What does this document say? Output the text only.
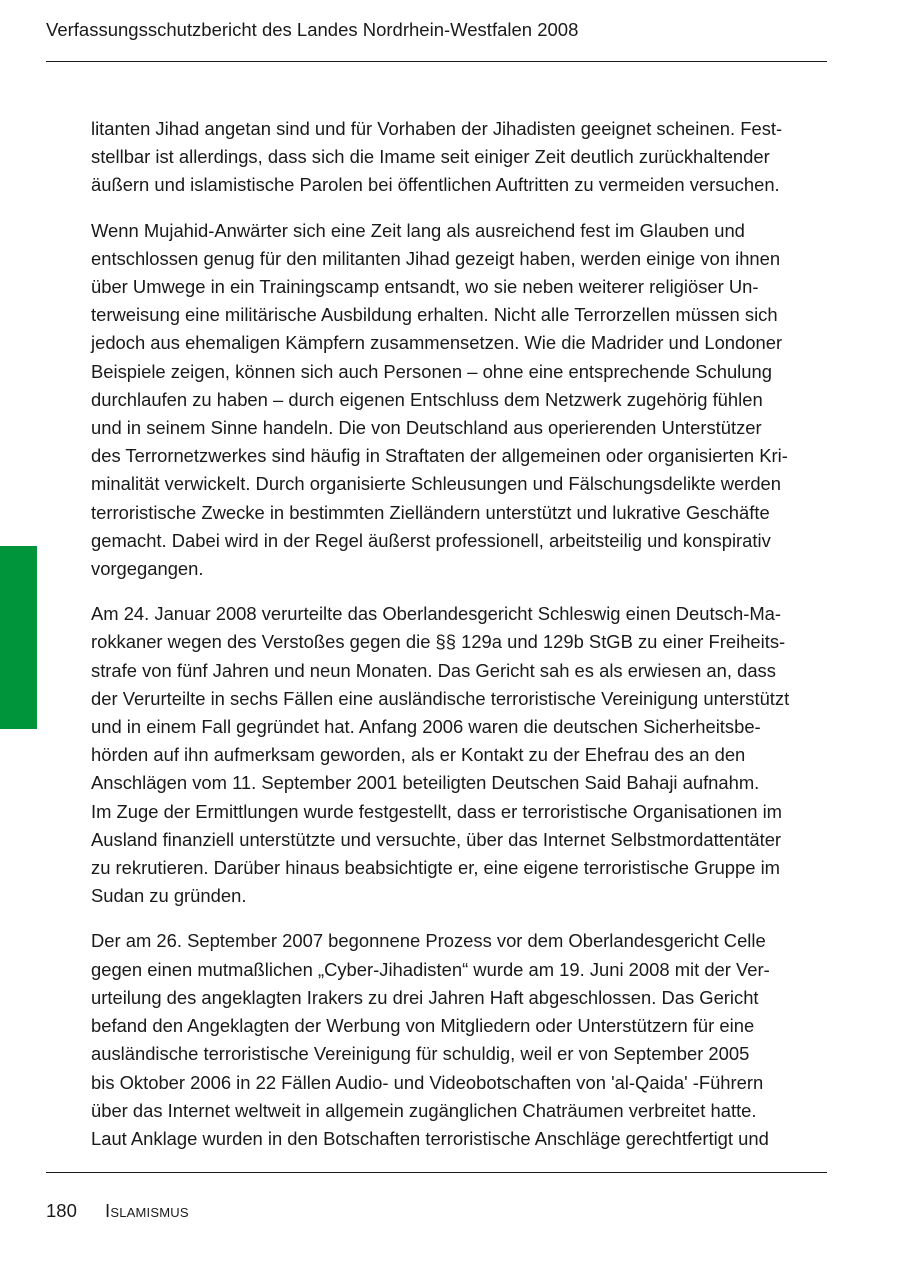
Verfassungsschutzbericht des Landes Nordrhein-Westfalen 2008

litanten Jihad angetan sind und für Vorhaben der Jihadisten geeignet scheinen. Fest-
stellbar ist allerdings, dass sich die Imame seit einiger Zeit deutlich zurückhaltender
äußern und islamistische Parolen bei öffentlichen Auftritten zu vermeiden versuchen.

Wenn Mujahid-Anwärter sich eine Zeit lang als ausreichend fest im Glauben und
entschlossen genug für den militanten Jihad gezeigt haben, werden einige von ihnen
über Umwege in ein Trainingscamp entsandt, wo sie neben weiterer religiöser Un-
terweisung eine militärische Ausbildung erhalten. Nicht alle Terrorzellen müssen sich
jedoch aus ehemaligen Kämpfern zusammensetzen. Wie die Madrider und Londoner
Beispiele zeigen, können sich auch Personen – ohne eine entsprechende Schulung
durchlaufen zu haben – durch eigenen Entschluss dem Netzwerk zugehörig fühlen
und in seinem Sinne handeln. Die von Deutschland aus operierenden Unterstützer
des Terrornetzwerkes sind häufig in Straftaten der allgemeinen oder organisierten Kri-
minalität verwickelt. Durch organisierte Schleusungen und Fälschungsdelikte werden
terroristische Zwecke in bestimmten Zielländern unterstützt und lukrative Geschäfte
gemacht. Dabei wird in der Regel äußerst professionell, arbeitsteilig und konspirativ
vorgegangen.

Am 24. Januar 2008 verurteilte das Oberlandesgericht Schleswig einen Deutsch-Ma-
rokkaner wegen des Verstoßes gegen die §§ 129a und 129b StGB zu einer Freiheits-
strafe von fünf Jahren und neun Monaten. Das Gericht sah es als erwiesen an, dass
der Verurteilte in sechs Fällen eine ausländische terroristische Vereinigung unterstützt
und in einem Fall gegründet hat. Anfang 2006 waren die deutschen Sicherheitsbe-
hörden auf ihn aufmerksam geworden, als er Kontakt zu der Ehefrau des an den
Anschlägen vom 11. September 2001 beteiligten Deutschen Said Bahaji aufnahm.
Im Zuge der Ermittlungen wurde festgestellt, dass er terroristische Organisationen im
Ausland finanziell unterstützte und versuchte, über das Internet Selbstmordattentäter
zu rekrutieren. Darüber hinaus beabsichtigte er, eine eigene terroristische Gruppe im
Sudan zu gründen.

Der am 26. September 2007 begonnene Prozess vor dem Oberlandesgericht Celle
gegen einen mutmaßlichen „Cyber-Jihadisten“ wurde am 19. Juni 2008 mit der Ver-
urteilung des angeklagten Irakers zu drei Jahren Haft abgeschlossen. Das Gericht
befand den Angeklagten der Werbung von Mitgliedern oder Unterstützern für eine
ausländische terroristische Vereinigung für schuldig, weil er von September 2005
bis Oktober 2006 in 22 Fällen Audio- und Videobotschaften von 'al-Qaida' -Führern
über das Internet weltweit in allgemein zugänglichen Chaträumen verbreitet hatte.
Laut Anklage wurden in den Botschaften terroristische Anschläge gerechtfertigt und

180 Islamismus
